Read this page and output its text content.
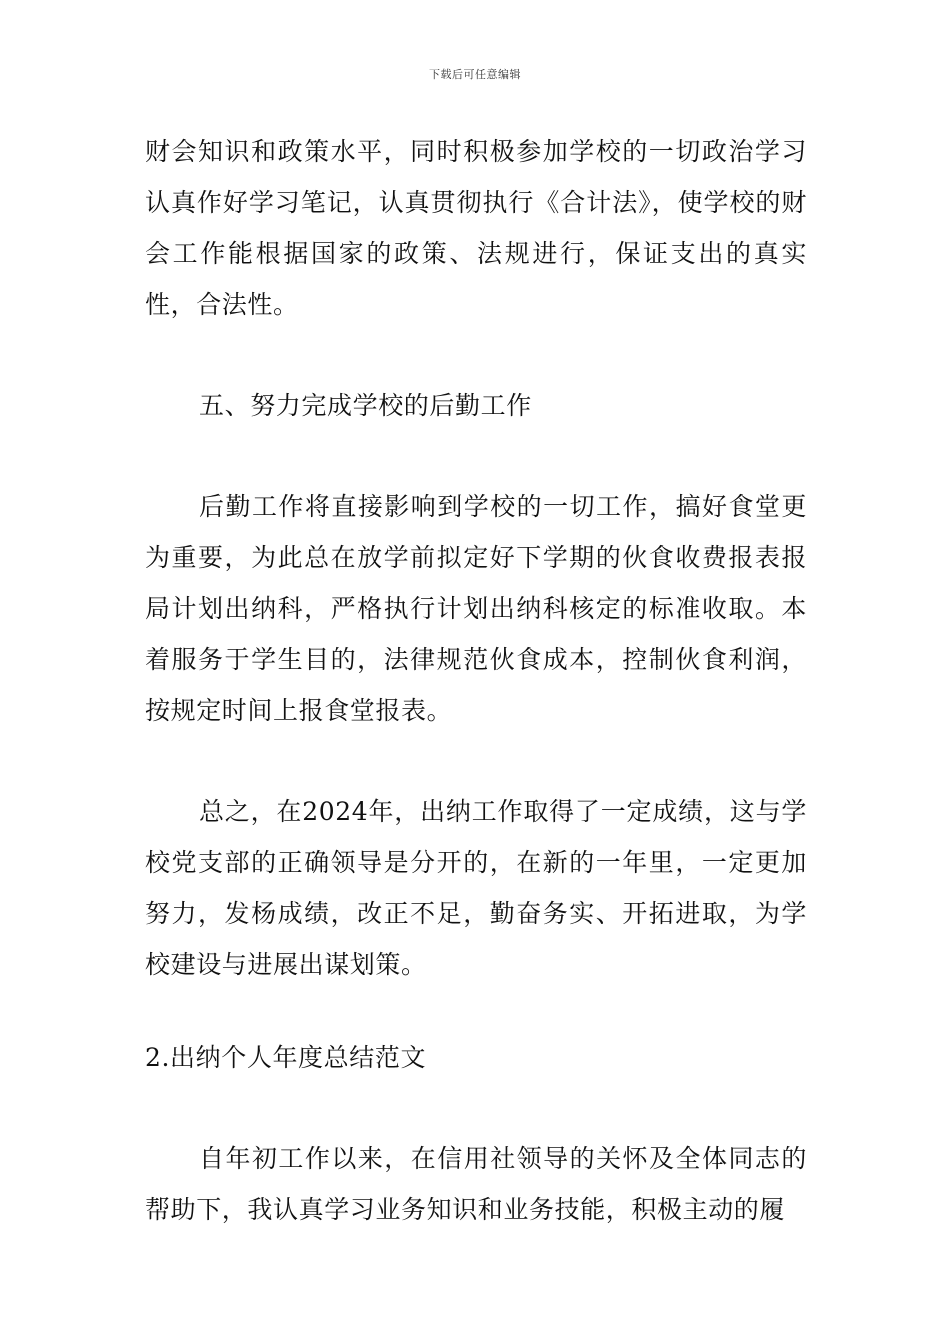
下载后可任意编辑

财会知识和政策水平，同时积极参加学校的一切政治学习认真作好学习笔记，认真贯彻执行《合计法》，使学校的财会工作能根据国家的政策、法规进行，保证支出的真实性，合法性。

五、努力完成学校的后勤工作

后勤工作将直接影响到学校的一切工作，搞好食堂更为重要，为此总在放学前拟定好下学期的伙食收费报表报局计划出纳科，严格执行计划出纳科核定的标准收取。本着服务于学生目的，法律规范伙食成本，控制伙食利润，按规定时间上报食堂报表。

总之，在2024年，出纳工作取得了一定成绩，这与学校党支部的正确领导是分开的，在新的一年里，一定更加努力，发杨成绩，改正不足，勤奋务实、开拓进取，为学校建设与进展出谋划策。

2.出纳个人年度总结范文

自年初工作以来，在信用社领导的关怀及全体同志的帮助下，我认真学习业务知识和业务技能，积极主动的履
